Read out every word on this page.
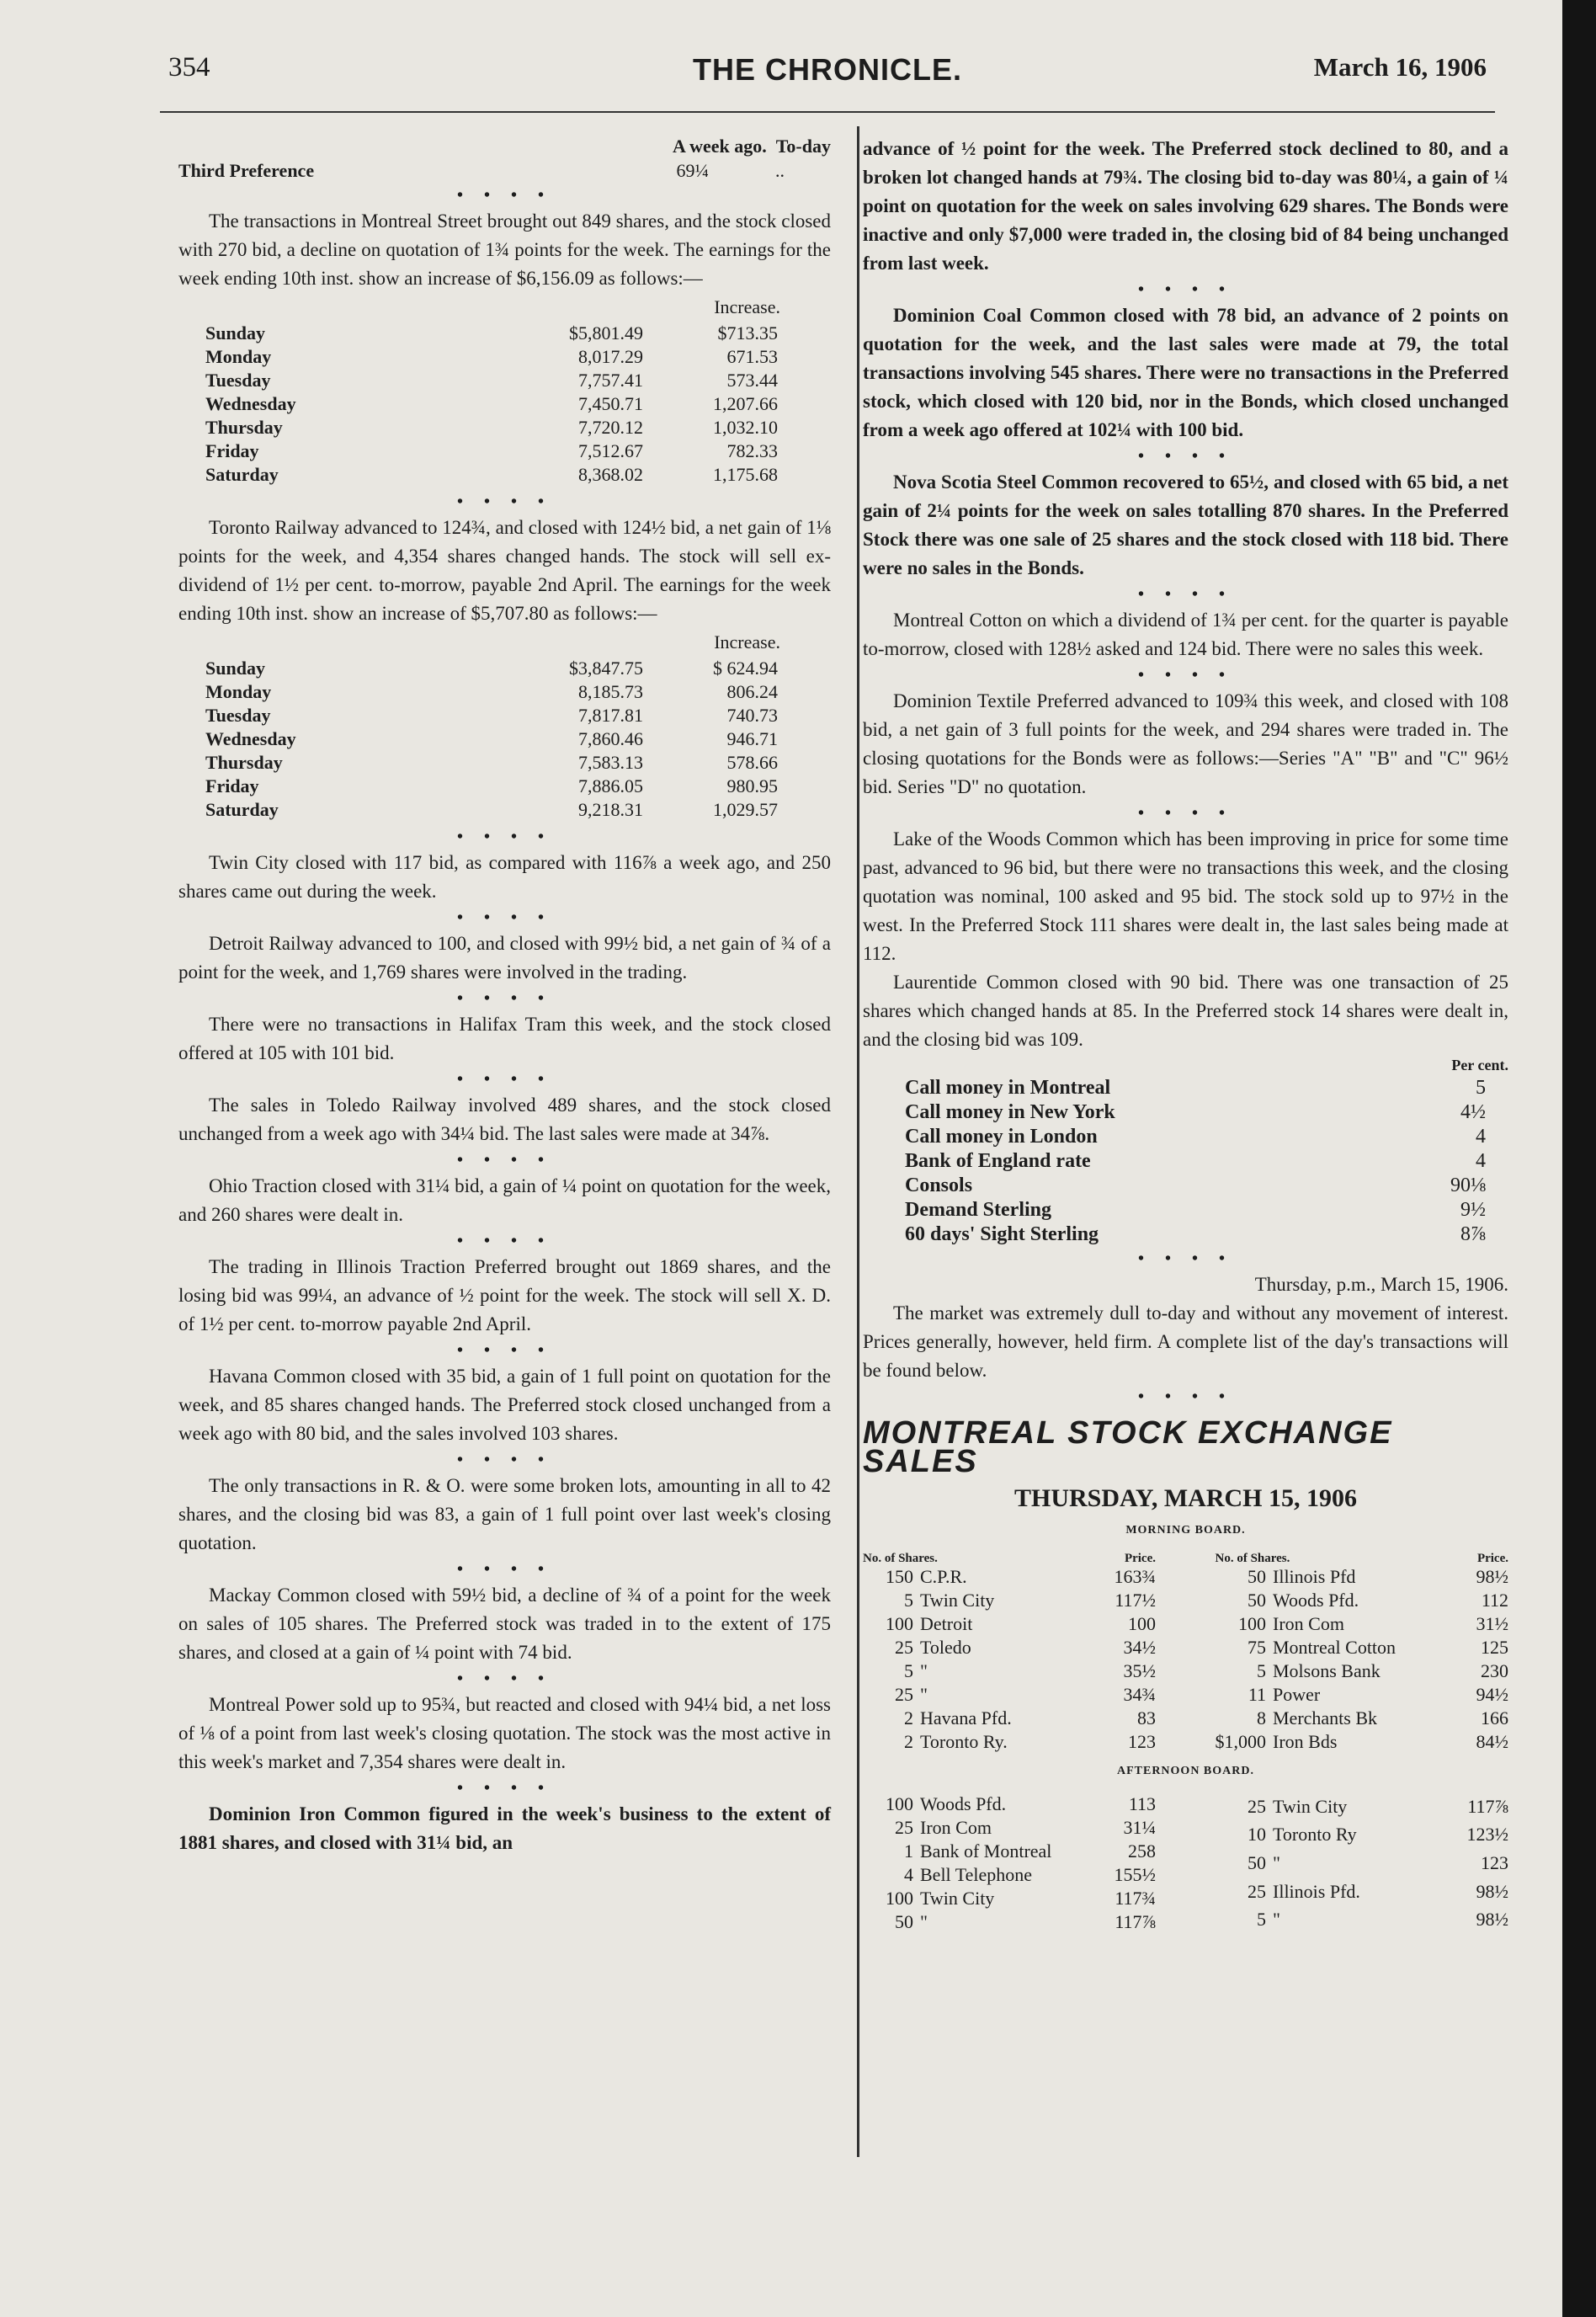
354	THE CHRONICLE.	March 16, 1906
A week ago.
To-day
Third Preference	69¼	..
• • • •

The transactions in Montreal Street brought out 849 shares, and the stock closed with 270 bid, a decline on quotation of 1¾ points for the week. The earnings for the week ending 10th inst. show an increase of $6,156.09 as follows:—

Increase.
Sunday	$5,801.49	$713.35
Monday	8,017.29	671.53
Tuesday	7,757.41	573.44
Wednesday	7,450.71	1,207.66
Thursday	7,720.12	1,032.10
Friday	7,512.67	782.33
Saturday	8,368.02	1,175.68
• • • •

Toronto Railway advanced to 124¾, and closed with 124½ bid, a net gain of 1⅛ points for the week, and 4,354 shares changed hands. The stock will sell ex-dividend of 1½ per cent. to-morrow, payable 2nd April. The earnings for the week ending 10th inst. show an increase of $5,707.80 as follows:—

Increase.
Sunday	$3,847.75	$ 624.94
Monday	8,185.73	806.24
Tuesday	7,817.81	740.73
Wednesday	7,860.46	946.71
Thursday	7,583.13	578.66
Friday	7,886.05	980.95
Saturday	9,218.31	1,029.57
• • • •

Twin City closed with 117 bid, as compared with 116⅞ a week ago, and 250 shares came out during the week.

• • • •

Detroit Railway advanced to 100, and closed with 99½ bid, a net gain of ¾ of a point for the week, and 1,769 shares were involved in the trading.

• • • •

There were no transactions in Halifax Tram this week, and the stock closed offered at 105 with 101 bid.

• • • •

The sales in Toledo Railway involved 489 shares, and the stock closed unchanged from a week ago with 34¼ bid. The last sales were made at 34⅞.

• • • •

Ohio Traction closed with 31¼ bid, a gain of ¼ point on quotation for the week, and 260 shares were dealt in.

• • • •

The trading in Illinois Traction Preferred brought out 1869 shares, and the losing bid was 99¼, an advance of ½ point for the week. The stock will sell X. D. of 1½ per cent. to-morrow payable 2nd April.

• • • •

Havana Common closed with 35 bid, a gain of 1 full point on quotation for the week, and 85 shares changed hands. The Preferred stock closed unchanged from a week ago with 80 bid, and the sales involved 103 shares.

• • • •

The only transactions in R. & O. were some broken lots, amounting in all to 42 shares, and the closing bid was 83, a gain of 1 full point over last week's closing quotation.

• • • •

Mackay Common closed with 59½ bid, a decline of ¾ of a point for the week on sales of 105 shares. The Preferred stock was traded in to the extent of 175 shares, and closed at a gain of ¼ point with 74 bid.

• • • •

Montreal Power sold up to 95¾, but reacted and closed with 94¼ bid, a net loss of ⅛ of a point from last week's closing quotation. The stock was the most active in this week's market and 7,354 shares were dealt in.

• • • •

Dominion Iron Common figured in the week's business to the extent of 1881 shares, and closed with 31¼ bid, an

advance of ½ point for the week. The Preferred stock declined to 80, and a broken lot changed hands at 79¾. The closing bid to-day was 80¼, a gain of ¼ point on quotation for the week on sales involving 629 shares. The Bonds were inactive and only $7,000 were traded in, the closing bid of 84 being unchanged from last week.

• • • •

Dominion Coal Common closed with 78 bid, an advance of 2 points on quotation for the week, and the last sales were made at 79, the total transactions involving 545 shares. There were no transactions in the Preferred stock, which closed with 120 bid, nor in the Bonds, which closed unchanged from a week ago offered at 102¼ with 100 bid.

• • • •

Nova Scotia Steel Common recovered to 65½, and closed with 65 bid, a net gain of 2¼ points for the week on sales totalling 870 shares. In the Preferred Stock there was one sale of 25 shares and the stock closed with 118 bid. There were no sales in the Bonds.

• • • •

Montreal Cotton on which a dividend of 1¾ per cent. for the quarter is payable to-morrow, closed with 128½ asked and 124 bid. There were no sales this week.

• • • •

Dominion Textile Preferred advanced to 109¾ this week, and closed with 108 bid, a net gain of 3 full points for the week, and 294 shares were traded in. The closing quotations for the Bonds were as follows:—Series "A" "B" and "C" 96½ bid. Series "D" no quotation.

• • • •

Lake of the Woods Common which has been improving in price for some time past, advanced to 96 bid, but there were no transactions this week, and the closing quotation was nominal, 100 asked and 95 bid. The stock sold up to 97½ in the west. In the Preferred Stock 111 shares were dealt in, the last sales being made at 112.

Laurentide Common closed with 90 bid. There was one transaction of 25 shares which changed hands at 85. In the Preferred stock 14 shares were dealt in, and the closing bid was 109.

Per cent.
Call money in Montreal	5
Call money in New York	4½
Call money in London	4
Bank of England rate	4
Consols	90⅛
Demand Sterling	9½
60 days' Sight Sterling	8⅞
• • • •
Thursday, p.m., March 15, 1906.

The market was extremely dull to-day and without any movement of interest. Prices generally, however, held firm. A complete list of the day's transactions will be found below.

• • • •
MONTREAL STOCK EXCHANGE SALES
THURSDAY, MARCH 15, 1906
MORNING BOARD.
No. of Shares.		Price.
150	C.P.R.	163¾
5	Twin City	117½
100	Detroit	100
25	Toledo	34½
5	"	35½
25	"	34¾
2	Havana Pfd.	83
2	Toronto Ry.	123
No. of Shares.		Price.
50	Illinois Pfd	98½
50	Woods Pfd.	112
100	Iron Com	31½
75	Montreal Cotton	125
5	Molsons Bank	230
11	Power	94½
8	Merchants Bk	166
$1,000	Iron Bds	84½
AFTERNOON BOARD.
100	Woods Pfd.	113
25	Iron Com	31¼
1	Bank of Montreal	258
4	Bell Telephone	155½
100	Twin City	117¾
50	"	117⅞
25	Twin City	117⅞
10	Toronto Ry	123½
50	"	123
25	Illinois Pfd.	98½
5	"	98½
